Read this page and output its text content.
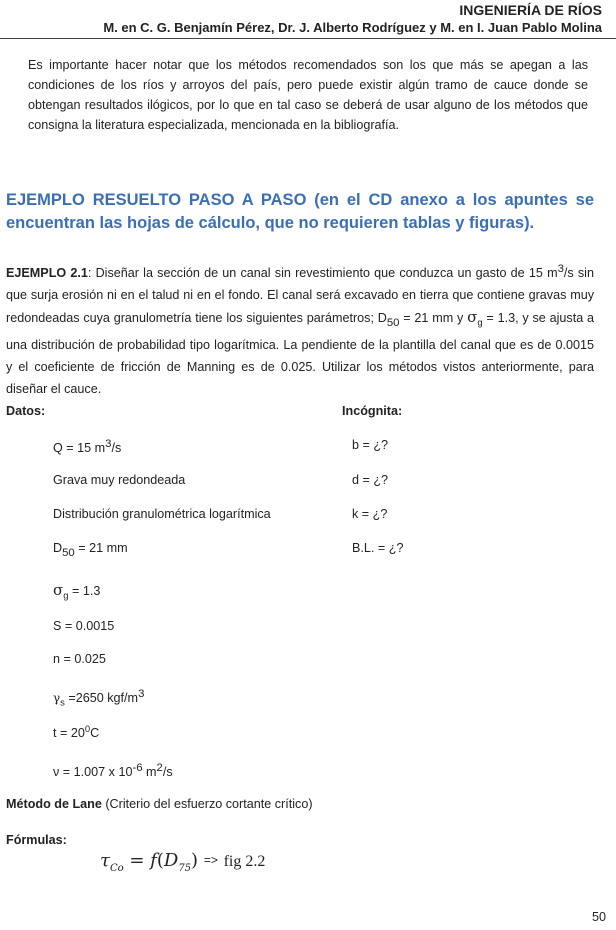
INGENIERÍA DE RÍOS
M. en C. G. Benjamín Pérez, Dr. J. Alberto Rodríguez y M. en I. Juan Pablo Molina
Es importante hacer notar que los métodos recomendados son los que más se apegan a las condiciones de los ríos y arroyos del país, pero puede existir algún tramo de cauce donde se obtengan resultados ilógicos, por lo que en tal caso se deberá de usar alguno de los métodos que consigna la literatura especializada, mencionada en la bibliografía.
EJEMPLO RESUELTO PASO A PASO (en el CD anexo a los apuntes se encuentran las hojas de cálculo, que no requieren tablas y figuras).
EJEMPLO 2.1: Diseñar la sección de un canal sin revestimiento que conduzca un gasto de 15 m3/s sin que surja erosión ni en el talud ni en el fondo. El canal será excavado en tierra que contiene gravas muy redondeadas cuya granulometría tiene los siguientes parámetros; D50 = 21 mm y $\sigma_g = 1.3$, y se ajusta a una distribución de probabilidad tipo logarítmica. La pendiente de la plantilla del canal que es de 0.0015 y el coeficiente de fricción de Manning es de 0.025. Utilizar los métodos vistos anteriormente, para diseñar el cauce.
Datos:	Incógnita:
Q = 15 m3/s
Grava muy redondeada
Distribución granulométrica logarítmica
D50 = 21 mm
$\sigma_g = 1.3$
S = 0.0015
n = 0.025
$\gamma_s =2650$ kgf/m3
$t = 20^0C$
ν = 1.007 x 10-6 m2/s
b = ¿?
d = ¿?
k = ¿?
B.L. = ¿?
Método de Lane (Criterio del esfuerzo cortante crítico)
Fórmulas:
$\tau_{Co} = f(D_{75})$ => fig 2.2
50
